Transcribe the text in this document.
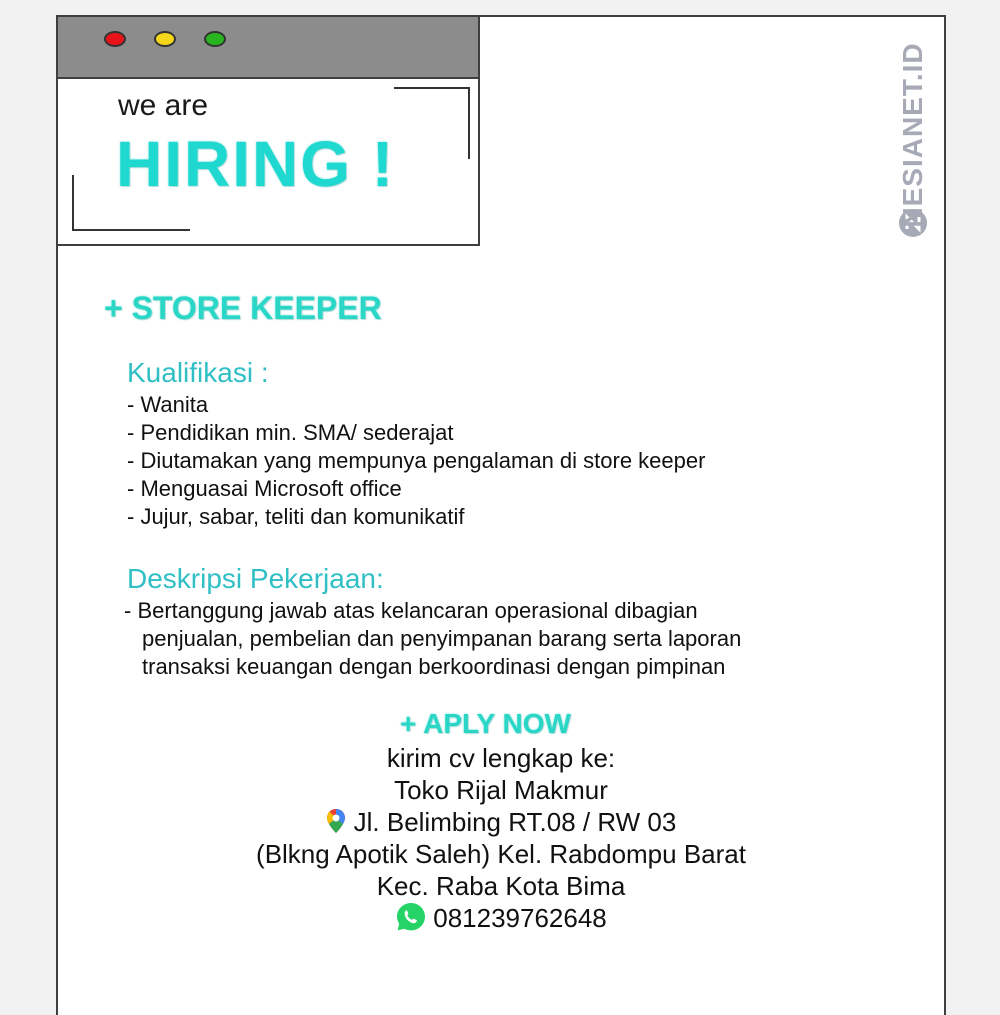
NESIANET.ID
we are
HIRING !
+ STORE KEEPER
Kualifikasi :
- Wanita
- Pendidikan min. SMA/ sederajat
- Diutamakan yang mempunya pengalaman di store keeper
- Menguasai Microsoft office
- Jujur, sabar, teliti dan komunikatif
Deskripsi Pekerjaan:
- Bertanggung jawab atas kelancaran operasional dibagian
penjualan, pembelian dan penyimpanan barang serta laporan
transaksi keuangan dengan berkoordinasi dengan pimpinan
+ APLY NOW
kirim cv lengkap ke:
Toko Rijal Makmur
Jl. Belimbing RT.08 / RW 03
(Blkng Apotik Saleh) Kel. Rabdompu Barat
Kec. Raba Kota Bima
081239762648
